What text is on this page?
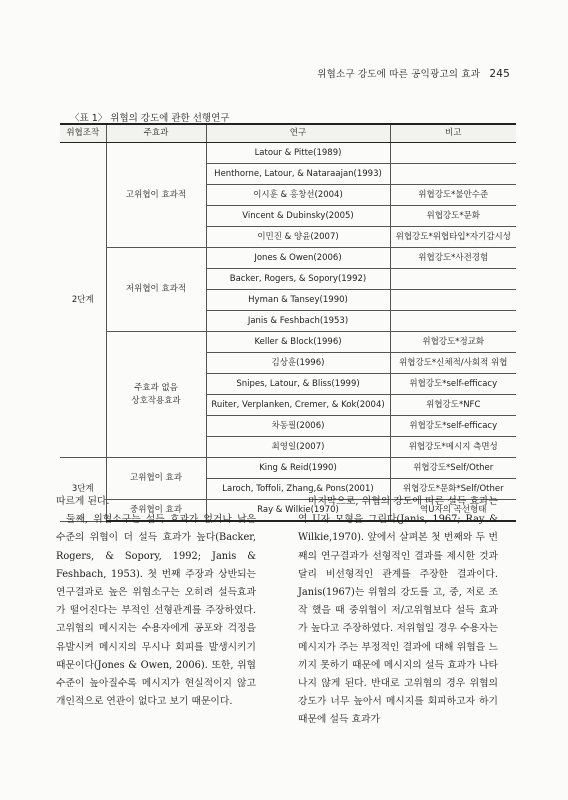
위협소구 강도에 따른 공익광고의 효과 245
〈표 1〉 위협의 강도에 관한 선행연구
위협조작	주효과	연구	비고
2단계	고위협이 효과적	Latour & Pitte(1989)	
		Henthorne, Latour, & Nataraajan(1993)	
		이시훈 & 홍창선(2004)	위협강도*불안수준
		Vincent & Dubinsky(2005)	위협강도*문화
		이민진 & 양윤(2007)	위협강도*위협타입*자기감시성
	저위협이 효과적	Jones & Owen(2006)	위협강도*사전경험
		Backer, Rogers, & Sopory(1992)	
		Hyman & Tansey(1990)	
		Janis & Feshbach(1953)	
	주효과 없음
상호작용효과	Keller & Block(1996)	위협강도*정교화
		김상훈(1996)	위협강도*신체적/사회적 위협
		Snipes, Latour, & Bliss(1999)	위협강도*self-efficacy
		Ruiter, Verplanken, Cremer, & Kok(2004)	위협강도*NFC
		차동필(2006)	위협강도*self-efficacy
		최영일(2007)	위협강도*메시지 측면성
3단계	고위협이 효과	King & Reid(1990)	위협강도*Self/Other
		Laroch, Toffoli, Zhang,& Pons(2001)	위협강도*문화*Self/Other
	중위협이 효과	Ray & Wilkie(1970)	역U자의 곡선형태

따르게 된다.

둘째, 위협소구는 설득 효과가 없거나 낮은 수준의 위협이 더 설득 효과가 높다(Backer, Rogers, & Sopory, 1992; Janis & Feshbach, 1953). 첫 번째 주장과 상반되는 연구결과로 높은 위협소구는 오히려 설득효과가 떨어진다는 부적인 선형관계를 주장하였다. 고위협의 메시지는 수용자에게 공포와 걱정을 유발시켜 메시지의 무시나 회피를 발생시키기 때문이다(Jones & Owen, 2006). 또한, 위협 수준이 높아질수록 메시지가 현실적이지 않고 개인적으로 연관이 없다고 보기 때문이다.

마지막으로, 위협의 강도에 따른 설득 효과는 역 U자 모형을 그린다(Janis, 1967; Ray & Wilkie,1970). 앞에서 살펴본 첫 번째와 두 번째의 연구결과가 선형적인 결과를 제시한 것과 달리 비선형적인 관계를 주장한 결과이다. Janis(1967)는 위협의 강도를 고, 중, 저로 조작 했을 때 중위협이 저/고위협보다 설득 효과가 높다고 주장하였다. 저위협일 경우 수용자는 메시지가 주는 부정적인 결과에 대해 위협을 느끼지 못하기 때문에 메시지의 설득 효과가 나타나지 않게 된다. 반대로 고위협의 경우 위협의 강도가 너무 높아서 메시지를 회피하고자 하기 때문에 설득 효과가
